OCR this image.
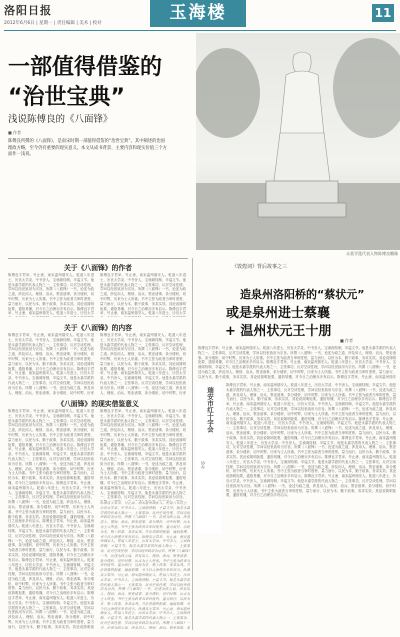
洛阳日报
2012年6月6日 | 星期一 | 责任编辑 | 美术 | 校对
玉海楼	11
一部值得借鉴的
“治世宝典”
浅说陈傅良的《八面锋》
■ 作者
陈傅良所撰的《八面锋》，是南宋时期一部值得借鉴的“治世宝典”。其中阐述的治国理政方略，至今仍有重要的现实意义。本文从成书背景、主要内容和现实价值三个方面作一浅说。
永嘉学派代表人物陈傅良雕像
关于《八面锋》的作者
陈傅良字君举，号止斋，南宋温州瑞安人。乾道八年进士，历官太学录、中书舍人、宝谟阁待制，卒谥文节。他是永嘉学派的代表人物之一，主张事功，反对空谈性理，学问以经世致用为宗旨。所撰《八面锋》一书，论述为政之道，涉及用人、理财、治兵、察吏诸事，条分缕析，切中时弊，历来为士人所重。书中主张为政者当审时度势，量力而行，以民为本，勤于政事，务求实效。其论说简明扼要，通俗易懂，对今日之治理亦多有启示。陈傅良字君举，号止斋，南宋温州瑞安人。乾道八年进士，历官太学
陈傅良字君举，号止斋，南宋温州瑞安人。乾道八年进士，历官太学录、中书舍人、宝谟阁待制，卒谥文节。他是永嘉学派的代表人物之一，主张事功，反对空谈性理，学问以经世致用为宗旨。所撰《八面锋》一书，论述为政之道，涉及用人、理财、治兵、察吏诸事，条分缕析，切中时弊，历来为士人所重。书中主张为政者当审时度势，量力而行，以民为本，勤于政事，务求实效。其论说简明扼要，通俗易懂，对今日之治理亦多有启示。陈傅良字君举，号止斋，南宋温州瑞安人。乾道八年进士，历官太学
关于《八面锋》的内容
陈傅良字君举，号止斋，南宋温州瑞安人。乾道八年进士，历官太学录、中书舍人、宝谟阁待制，卒谥文节。他是永嘉学派的代表人物之一，主张事功，反对空谈性理，学问以经世致用为宗旨。所撰《八面锋》一书，论述为政之道，涉及用人、理财、治兵、察吏诸事，条分缕析，切中时弊，历来为士人所重。书中主张为政者当审时度势，量力而行，以民为本，勤于政事，务求实效。其论说简明扼要，通俗易懂，对今日之治理亦多有启示。陈傅良字君举，号止斋，南宋温州瑞安人。乾道八年进士，历官太学录、中书舍人、宝谟阁待制，卒谥文节。他是永嘉学派的代表人物之一，主张事功，反对空谈性理，学问以经世致用为宗旨。所撰《八面锋》一书，论述为政之道，涉及用人、理财、治兵、察吏诸事，条分缕析，切中时弊，历来
陈傅良字君举，号止斋，南宋温州瑞安人。乾道八年进士，历官太学录、中书舍人、宝谟阁待制，卒谥文节。他是永嘉学派的代表人物之一，主张事功，反对空谈性理，学问以经世致用为宗旨。所撰《八面锋》一书，论述为政之道，涉及用人、理财、治兵、察吏诸事，条分缕析，切中时弊，历来为士人所重。书中主张为政者当审时度势，量力而行，以民为本，勤于政事，务求实效。其论说简明扼要，通俗易懂，对今日之治理亦多有启示。陈傅良字君举，号止斋，南宋温州瑞安人。乾道八年进士，历官太学录、中书舍人、宝谟阁待制，卒谥文节。他是永嘉学派的代表人物之一，主张事功，反对空谈性理，学问以经世致用为宗旨。所撰《八面锋》一书，论述为政之道，涉及用人、理财、治兵、察吏诸事，条分缕析，切中时弊，历来
《八面锋》的现实借鉴意义
陈傅良字君举，号止斋，南宋温州瑞安人。乾道八年进士，历官太学录、中书舍人、宝谟阁待制，卒谥文节。他是永嘉学派的代表人物之一，主张事功，反对空谈性理，学问以经世致用为宗旨。所撰《八面锋》一书，论述为政之道，涉及用人、理财、治兵、察吏诸事，条分缕析，切中时弊，历来为士人所重。书中主张为政者当审时度势，量力而行，以民为本，勤于政事，务求实效。其论说简明扼要，通俗易懂，对今日之治理亦多有启示。陈傅良字君举，号止斋，南宋温州瑞安人。乾道八年进士，历官太学录、中书舍人、宝谟阁待制，卒谥文节。他是永嘉学派的代表人物之一，主张事功，反对空谈性理，学问以经世致用为宗旨。所撰《八面锋》一书，论述为政之道，涉及用人、理财、治兵、察吏诸事，条分缕析，切中时弊，历来为士人所重。书中主张为政者当审时度势，量力而行，以民为本，勤于政事，务求实效。其论说简明扼要，通俗易懂，对今日之治理亦多有启示。陈傅良字君举，号止斋，南宋温州瑞安人。乾道八年进士，历官太学录、中书舍人、宝谟阁待制，卒谥文节。他是永嘉学派的代表人物之一，主张事功，反对空谈性理，学问以经世致用为宗旨。所撰《八面锋》一书，论述为政之道，涉及用人、理财、治兵、察吏诸事，条分缕析，切中时弊，历来为士人所重。书中主张为政者当审时度势，量力而行，以民为本，勤于政事，务求实效。其论说简明扼要，通俗易懂，对今日之治理亦多有启示。陈傅良字君举，号止斋，南宋温州瑞安人。乾道八年进士，历官太学录、中书舍人、宝谟阁待制，卒谥文节。他是永嘉学派的代表人物之一，主张事功，反对空谈性理，学问以经世致用为宗旨。所撰《八面锋》一书，论述为政之道，涉及用人、理财、治兵、察吏诸事，条分缕析，切中时弊，历来为士人所重。书中主张为政者当审时度势，量力而行，以民为本，勤于政事，务求实效。其论说简明扼要，通俗易懂，对今日之治理亦多有启示。陈傅良字君举，号止斋，南宋温州瑞安人。乾道八年进士，历官太学录、中书舍人、宝谟阁待制，卒谥文节。他是永嘉学派的代表人物之一，主张事功，反对空谈性理，学问以经世致用为宗旨。所撰《八面锋》一书，论述为政之道，涉及用人、理财、治兵、察吏诸事，条分缕析，切中时弊，历来为士人所重。书中主张为政者当审时度势，量力而行，以民为本，勤于政事，务求实效。其论说简明扼要，通俗易懂，对今日之治理亦多有启示。陈傅良字君举，号止斋，南宋温州瑞安人。乾道八年进士，历官太学录、中书舍人、宝谟阁待制，卒谥文节。他是永嘉学派的代表人物之一，主张事功，反对空谈性理，学问以经世致用为宗旨。所撰《八面锋》一书，论述为政之道，涉及用人、理财、治兵、察吏诸事，条分缕析，切中时弊，历来为士人所重。书中主张为政者当审时度势，量力而行，以民为本，勤于政事，务求实效。其论说简明扼
陈傅良字君举，号止斋，南宋温州瑞安人。乾道八年进士，历官太学录、中书舍人、宝谟阁待制，卒谥文节。他是永嘉学派的代表人物之一，主张事功，反对空谈性理，学问以经世致用为宗旨。所撰《八面锋》一书，论述为政之道，涉及用人、理财、治兵、察吏诸事，条分缕析，切中时弊，历来为士人所重。书中主张为政者当审时度势，量力而行，以民为本，勤于政事，务求实效。其论说简明扼要，通俗易懂，对今日之治理亦多有启示。陈傅良字君举，号止斋，南宋温州瑞安人。乾道八年进士，历官太学录、中书舍人、宝谟阁待制，卒谥文节。他是永嘉学派的代表人物之一，主张事功，反对空谈性理，学问以经世致用为宗旨。所撰《八面锋》一书，论述为政之道，涉及用人、理财、治兵、察吏诸事，条分缕析，切中时弊，历来为士人所重。书中主张为政者当审时度势，量力而行，以民为本，勤于政事，务求实效。其论说简明扼要，通俗易懂，对今日之治理亦多有启示。陈傅良字君举，号止斋，南宋温州瑞安人。乾道八年进士，历官太学录、中书舍人、宝谟阁待制，卒谥文节。他是永嘉学派的代表人物之一，主张事功，反对空谈性理，学问以经世致用为宗旨。
陈傅良字君举，号止斋，南宋温州瑞安人。乾道八年进士，历官太学录、中书舍人、宝谟阁待制，卒谥文节。他是永嘉学派的代表人物之一，主张事功，反对空谈性理，学问以经世致用为宗旨。所撰《八面锋》一书，论述为政之道，涉及用人、理财、治兵、察吏诸事，条分缕析，切中时弊，历来为士人所重。书中主张为政者当审时度势，量力而行，以民为本，勤于政事，务求实效。其论说简明扼要，通俗易懂，对今日之治理亦多有启示。陈傅良字君举，号止斋，南宋温州瑞安人。乾道八年进士，历官太学录、中书舍人、宝谟阁待制，卒谥文节。他是永嘉学派的代表人物之一，主张事功，反对空谈性理，学问以经世致用为宗旨。所撰《八面锋》一书，论述为政之道，涉及用人、理财、治兵、察吏诸事，条分缕析，切中时弊，历来为士人所重。书中主张为政者当审时度势，量力而行，以民为本，勤于政事，务求实效。其论说简明扼要，通俗易懂，对今日之治理亦多有启示。陈傅良字君举，号止斋，南宋温州瑞安人。乾道八年进士，历官太学录、中书舍人、宝谟阁待制，卒谥文节。他是永嘉学派的代表人物之一，主张事功，反对空谈性理，学问以经世致用为宗旨。所撰《八面锋》一书，论述为政之道，涉及用人、理财、治兵、察吏诸事，条分缕析，切中时弊，历来为士人所重。书中主张为政者当审时度势，量力而行，以民为本，勤于政事，务求实效。其论说简明扼要，通俗易懂，对今日之治理亦多有启示。陈傅良字君举，号止斋，南宋温州瑞安人。乾道八年进士，历官太学录、中书舍人、宝谟阁待制，卒谥文节。他是永嘉学派的代表人物之一，主张事功，反对空谈性理，学问以经世致用为宗旨。所撰《八面锋》一书，论述为政之道，涉及用人、理财、治兵、察吏诸事，条
《敦煌词》背后故事之三
造泉州洛阳桥的“蔡状元”
或是泉州进士蔡襄
+ 温州状元王十朋
■ 作者
陈傅良字君举，号止斋，南宋温州瑞安人。乾道八年进士，历官太学录、中书舍人、宝谟阁待制，卒谥文节。他是永嘉学派的代表人物之一，主张事功，反对空谈性理，学问以经世致用为宗旨。所撰《八面锋》一书，论述为政之道，涉及用人、理财、治兵、察吏诸事，条分缕析，切中时弊，历来为士人所重。书中主张为政者当审时度势，量力而行，以民为本，勤于政事，务求实效。其论说简明扼要，通俗易懂，对今日之治理亦多有启示。陈傅良字君举，号止斋，南宋温州瑞安人。乾道八年进士，历官太学录、中书舍人、宝谟阁待制，卒谥文节。他是永嘉学派的代表人物之一，主张事功，反对空谈性理，学问以经世致用为宗旨。所撰《八面锋》一书，论述为政之道，涉及用人、理财、治兵、察吏诸事，条分缕析，切中时弊，历来为士人所重。书中主张为政者当审时度势，量力而行，以民为本，勤于政事，务求实效。其论说简明扼要，通俗易懂，对今日之治理亦多有启示。陈傅良字君举，号止斋，南宋温州瑞安
瑞安市红十字会
协办
陈傅良字君举，号止斋，南宋温州瑞安人。乾道八年进士，历官太学录、中书舍人、宝谟阁待制，卒谥文节。他是永嘉学派的代表人物之一，主张事功，反对空谈性理，学问以经世致用为宗旨。所撰《八面锋》一书，论述为政之道，涉及用人、理财、治兵、察吏诸事，条分缕析，切中时弊，历来为士人所重。书中主张为政者当审时度势，量力而行，以民为本，勤于政事，务求实效。其论说简明扼要，通俗易懂，对今日之治理亦多有启示。陈傅良字君举，号止斋，南宋温州瑞安人。乾道八年进士，历官太学录、中书舍人、宝谟阁待制，卒谥文节。他是永嘉学派的代表人物之一，主张事功，反对空谈性理，学问以经世致用为宗旨。所撰《八面锋》一书，论述为政之道，涉及用人、理财、治兵、察吏诸事，条分缕析，切中时弊，历来为士人所重。书中主张为政者当审时度势，量力而行，以民为本，勤于政事，务求实效。其论说简明扼要，通俗易懂，对今日之治理亦多有启示。陈傅良字君举，号止斋，南宋温州瑞安人。乾道八年进士，历官太学录、中书舍人、宝谟阁待制，卒谥文节。他是永嘉学派的代表人物之一，主张事功，反对空谈性理，学问以经世致用为宗旨。所撰《八面锋》一书，论述为政之道，涉及用人、理财、治兵、察吏诸事，条分缕析，切中时弊，历来为士人所重。书中主张为政者当审时度势，量力而行，以民为本，勤于政事，务求实效。其论说简明扼要，通俗易懂，对今日之治理亦多有启示。陈傅良字君举，号止斋，南宋温州瑞安人。乾道八年进士，历官太学录、中书舍人、宝谟阁待制，卒谥文节。他是永嘉学派的代表人物之一，主张事功，反对空谈性理，学问以经世致用为宗旨。所撰《八面锋》一书，论述为政之道，涉及用人、理财、治兵、察吏诸事，条分缕析，切中时弊，历来为士人所重。书中主张为政者当审时度势，量力而行，以民为本，勤于政事，务求实效。其论说简明扼要，通俗易懂，对今日之治理亦多有启示。陈傅良字君举，号止斋，南宋温州瑞安人。乾道八年进士，历官太学录、中书舍人、宝谟阁待制，卒谥文节。他是永嘉学派的代表人物之一，主张事功，反对空谈性理，学问以经世致用为宗旨。所撰《八面锋》一书，论述为政之道，涉及用人、理财、治兵、察吏诸事，条分缕析，切中时弊，历来为士人所重。书中主张为政者当审时度势，量力而行，以民为本，勤于政事，务求实效。其论说简明扼要，通俗易懂，对今日之治理亦多有启示。陈傅良字君举，号止斋，南宋温州瑞安人。乾道八年进士，历官太学录、中书舍人、宝谟阁待制，卒谥文节。他是永嘉学派的代表人物之一，主张事功，反对空谈性理，学问以经世致用为宗旨。所撰《八面锋》一书，论述为政之道，涉及用人、理财、治兵、察吏诸事，条分缕析，切中时弊，历来为士人所重。书中主张为政者当审时度势，量力而行，以民为本，勤于政事，务求实效。其论说简明扼要，通俗易懂，对今日之治理亦多有启示。
